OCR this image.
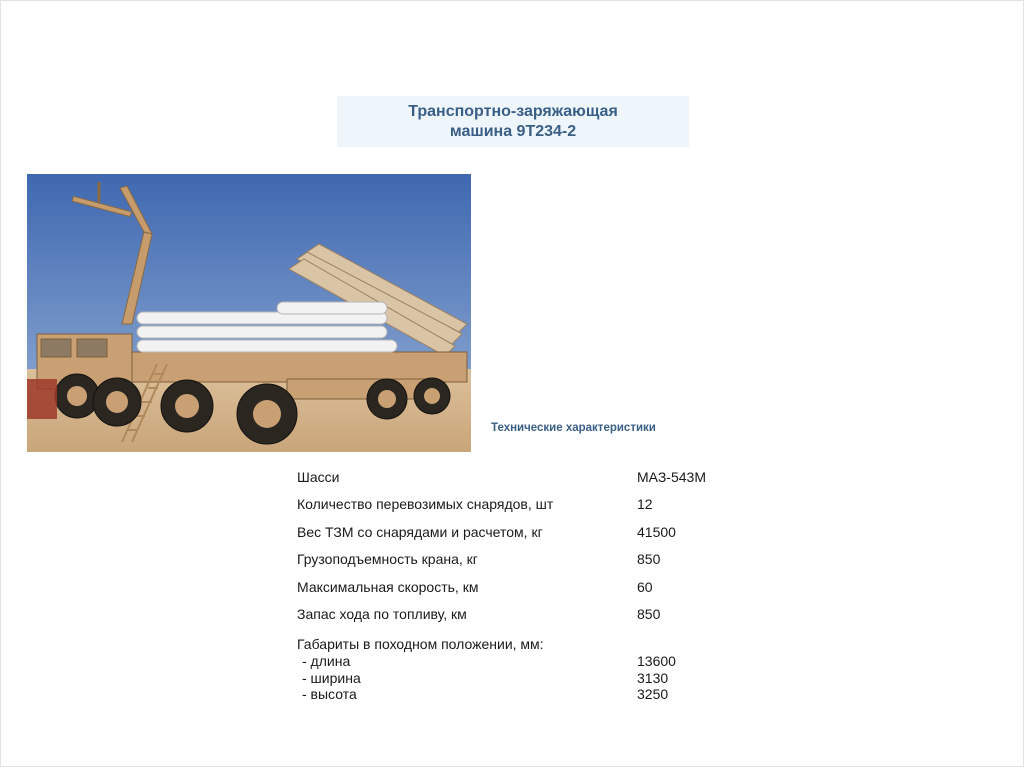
Транспортно-заряжающая
машина 9Т234-2
Технические характеристики
Шасси	МАЗ-543М
Количество перевозимых снарядов, шт	12
Вес ТЗМ со снарядами и расчетом, кг	41500
Грузоподъемность крана, кг	850
Максимальная скорость, км	60
Запас хода по топливу, км	850
Габариты в походном положении, мм:
- длина	13600
- ширина	3130
- высота	3250
